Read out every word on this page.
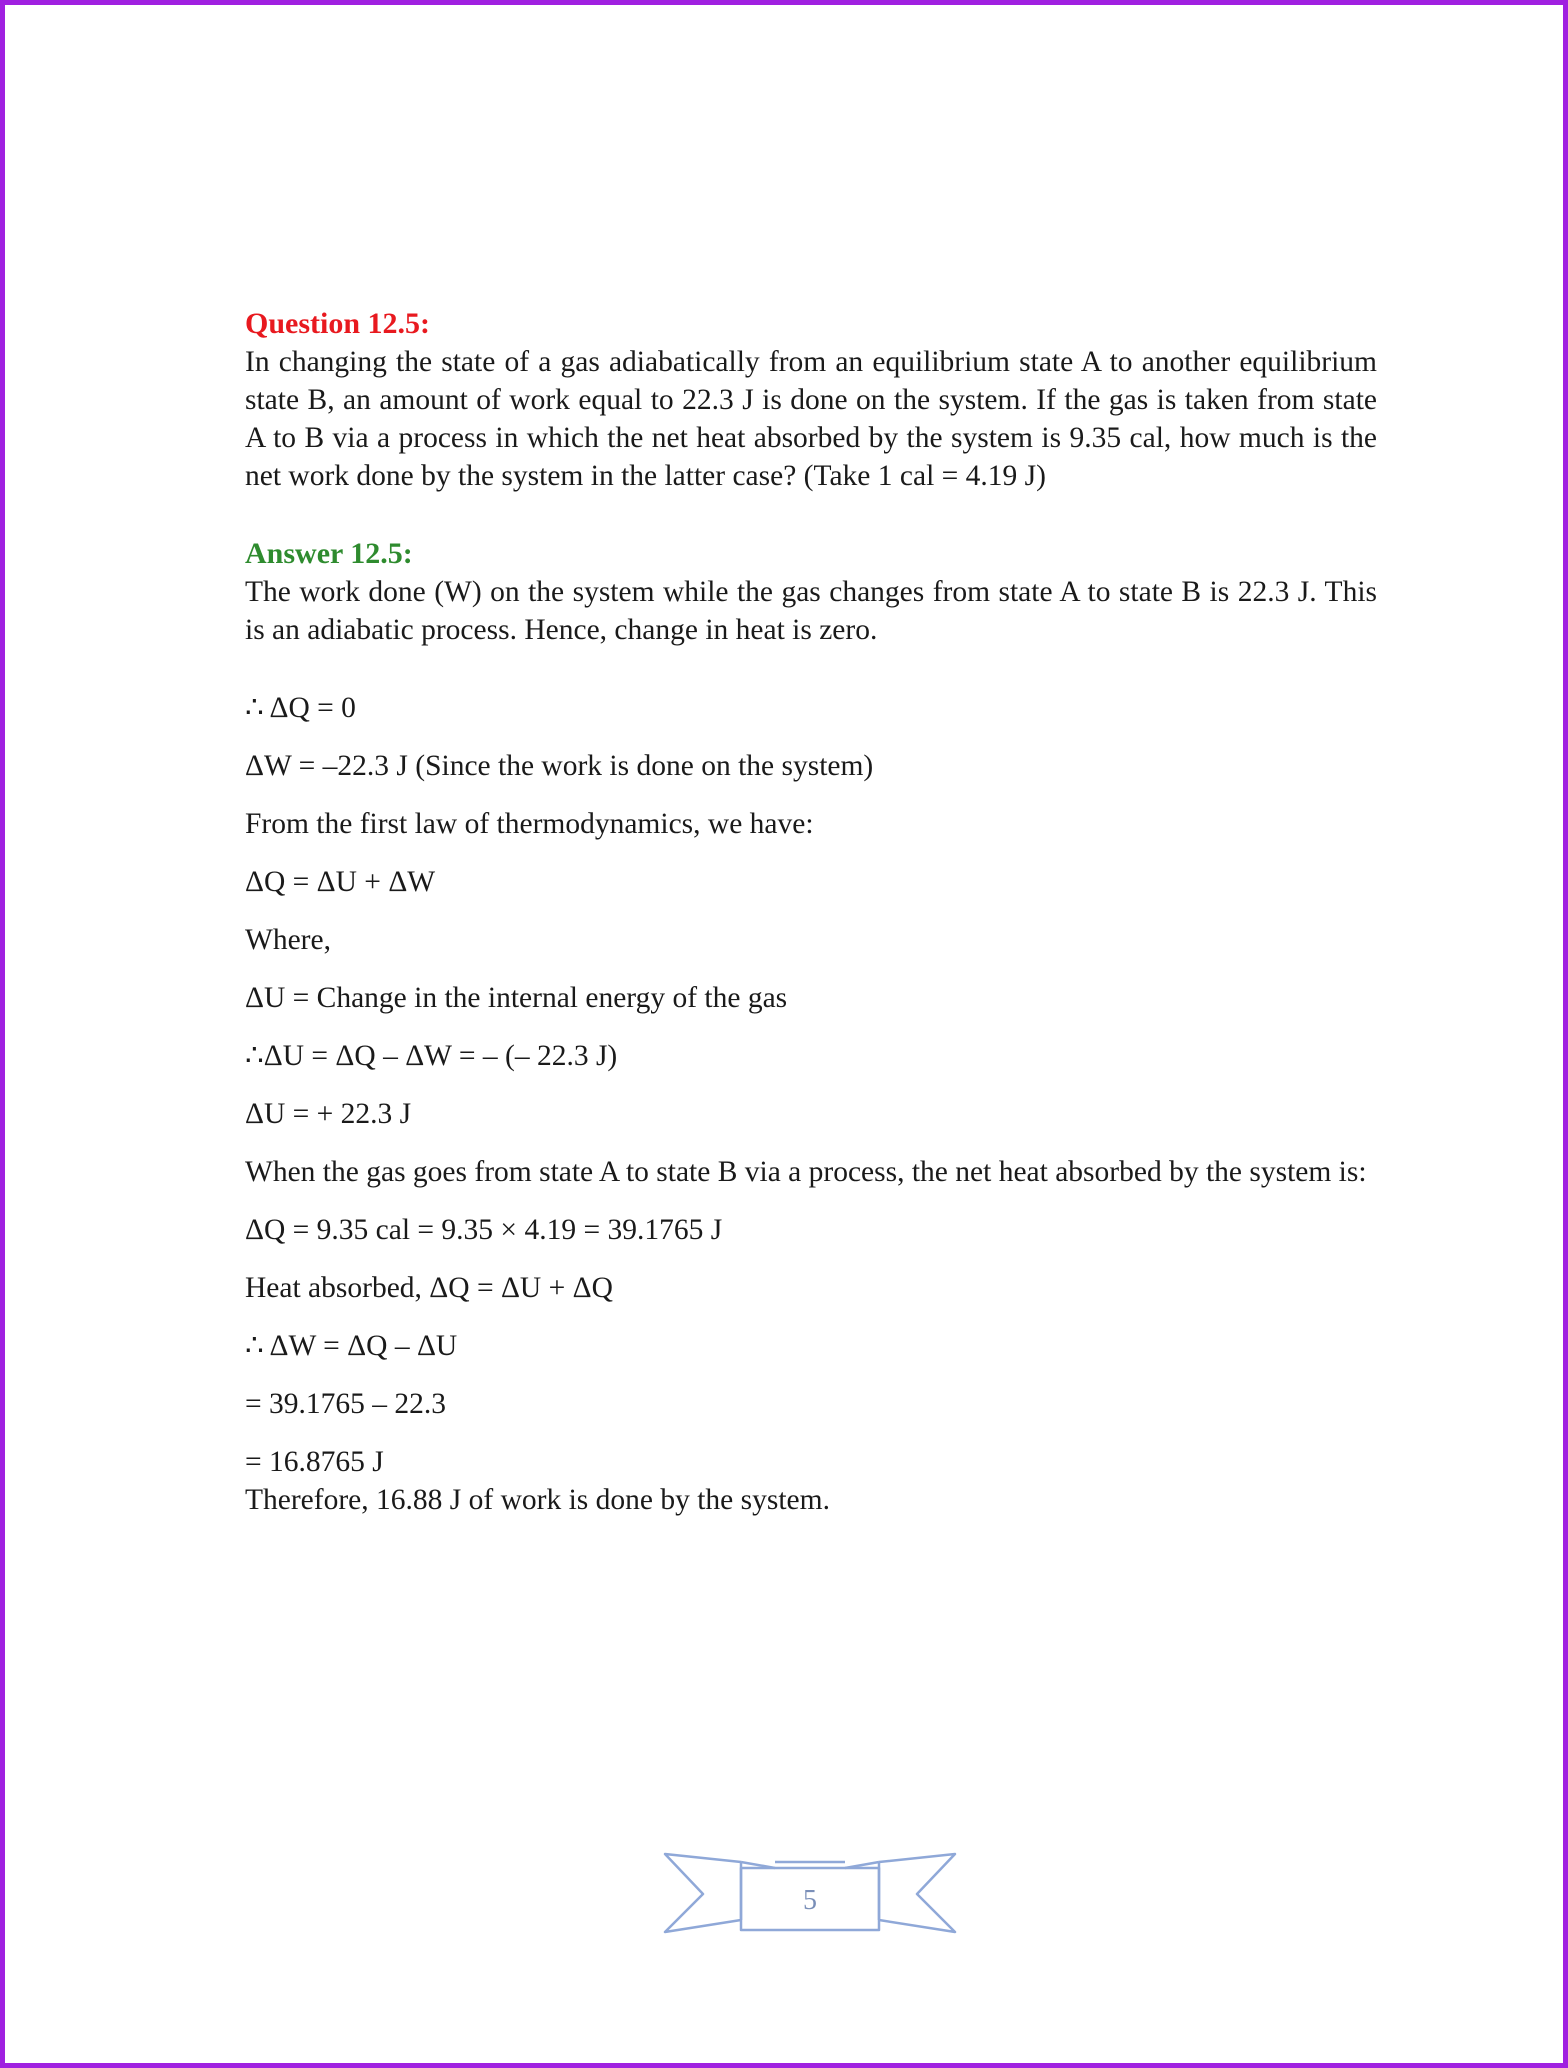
Question 12.5:
In changing the state of a gas adiabatically from an equilibrium state A to another equilibrium state B, an amount of work equal to 22.3 J is done on the system. If the gas is taken from state A to B via a process in which the net heat absorbed by the system is 9.35 cal, how much is the net work done by the system in the latter case? (Take 1 cal = 4.19 J)
Answer 12.5:
The work done (W) on the system while the gas changes from state A to state B is 22.3 J. This is an adiabatic process. Hence, change in heat is zero.
∴ ΔQ = 0
ΔW = –22.3 J (Since the work is done on the system)
From the first law of thermodynamics, we have:
ΔQ = ΔU + ΔW
Where,
ΔU = Change in the internal energy of the gas
∴ΔU = ΔQ – ΔW = – (– 22.3 J)
ΔU = + 22.3 J
When the gas goes from state A to state B via a process, the net heat absorbed by the system is:
ΔQ = 9.35 cal = 9.35 × 4.19 = 39.1765 J
Heat absorbed, ΔQ = ΔU + ΔQ
∴ ΔW = ΔQ – ΔU
= 39.1765 – 22.3
= 16.8765 J
Therefore, 16.88 J of work is done by the system.
5
